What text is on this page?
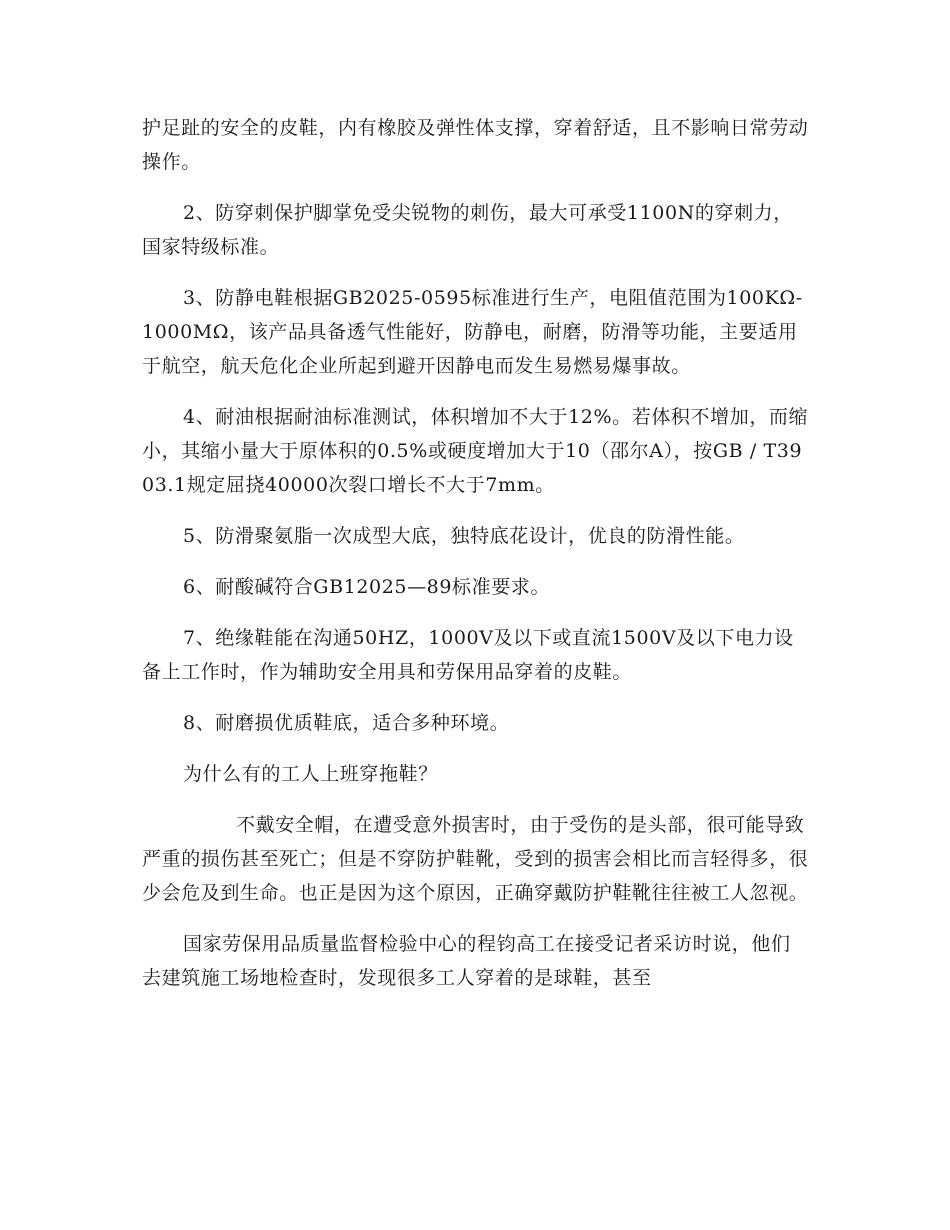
护足趾的安全的皮鞋，内有橡胶及弹性体支撑，穿着舒适，且不影响日常劳动操作。

2、防穿刺保护脚掌免受尖锐物的刺伤，最大可承受1100N的穿刺力，国家特级标准。

3、防静电鞋根据GB2025-0595标准进行生产，电阻值范围为100KΩ-1000MΩ，该产品具备透气性能好，防静电，耐磨，防滑等功能，主要适用于航空，航天危化企业所起到避开因静电而发生易燃易爆事故。

4、耐油根据耐油标准测试，体积增加不大于12%。若体积不增加，而缩小，其缩小量大于原体积的0.5%或硬度增加大于10（邵尔A），按GB / T3903.1规定屈挠40000次裂口增长不大于7mm。

5、防滑聚氨脂一次成型大底，独特底花设计，优良的防滑性能。

6、耐酸碱符合GB12025—89标准要求。

7、绝缘鞋能在沟通50HZ，1000V及以下或直流1500V及以下电力设备上工作时，作为辅助安全用具和劳保用品穿着的皮鞋。

8、耐磨损优质鞋底，适合多种环境。

为什么有的工人上班穿拖鞋？

不戴安全帽，在遭受意外损害时，由于受伤的是头部，很可能导致严重的损伤甚至死亡；但是不穿防护鞋靴，受到的损害会相比而言轻得多，很少会危及到生命。也正是因为这个原因，正确穿戴防护鞋靴往往被工人忽视。

国家劳保用品质量监督检验中心的程钧高工在接受记者采访时说，他们去建筑施工场地检查时，发现很多工人穿着的是球鞋，甚至
